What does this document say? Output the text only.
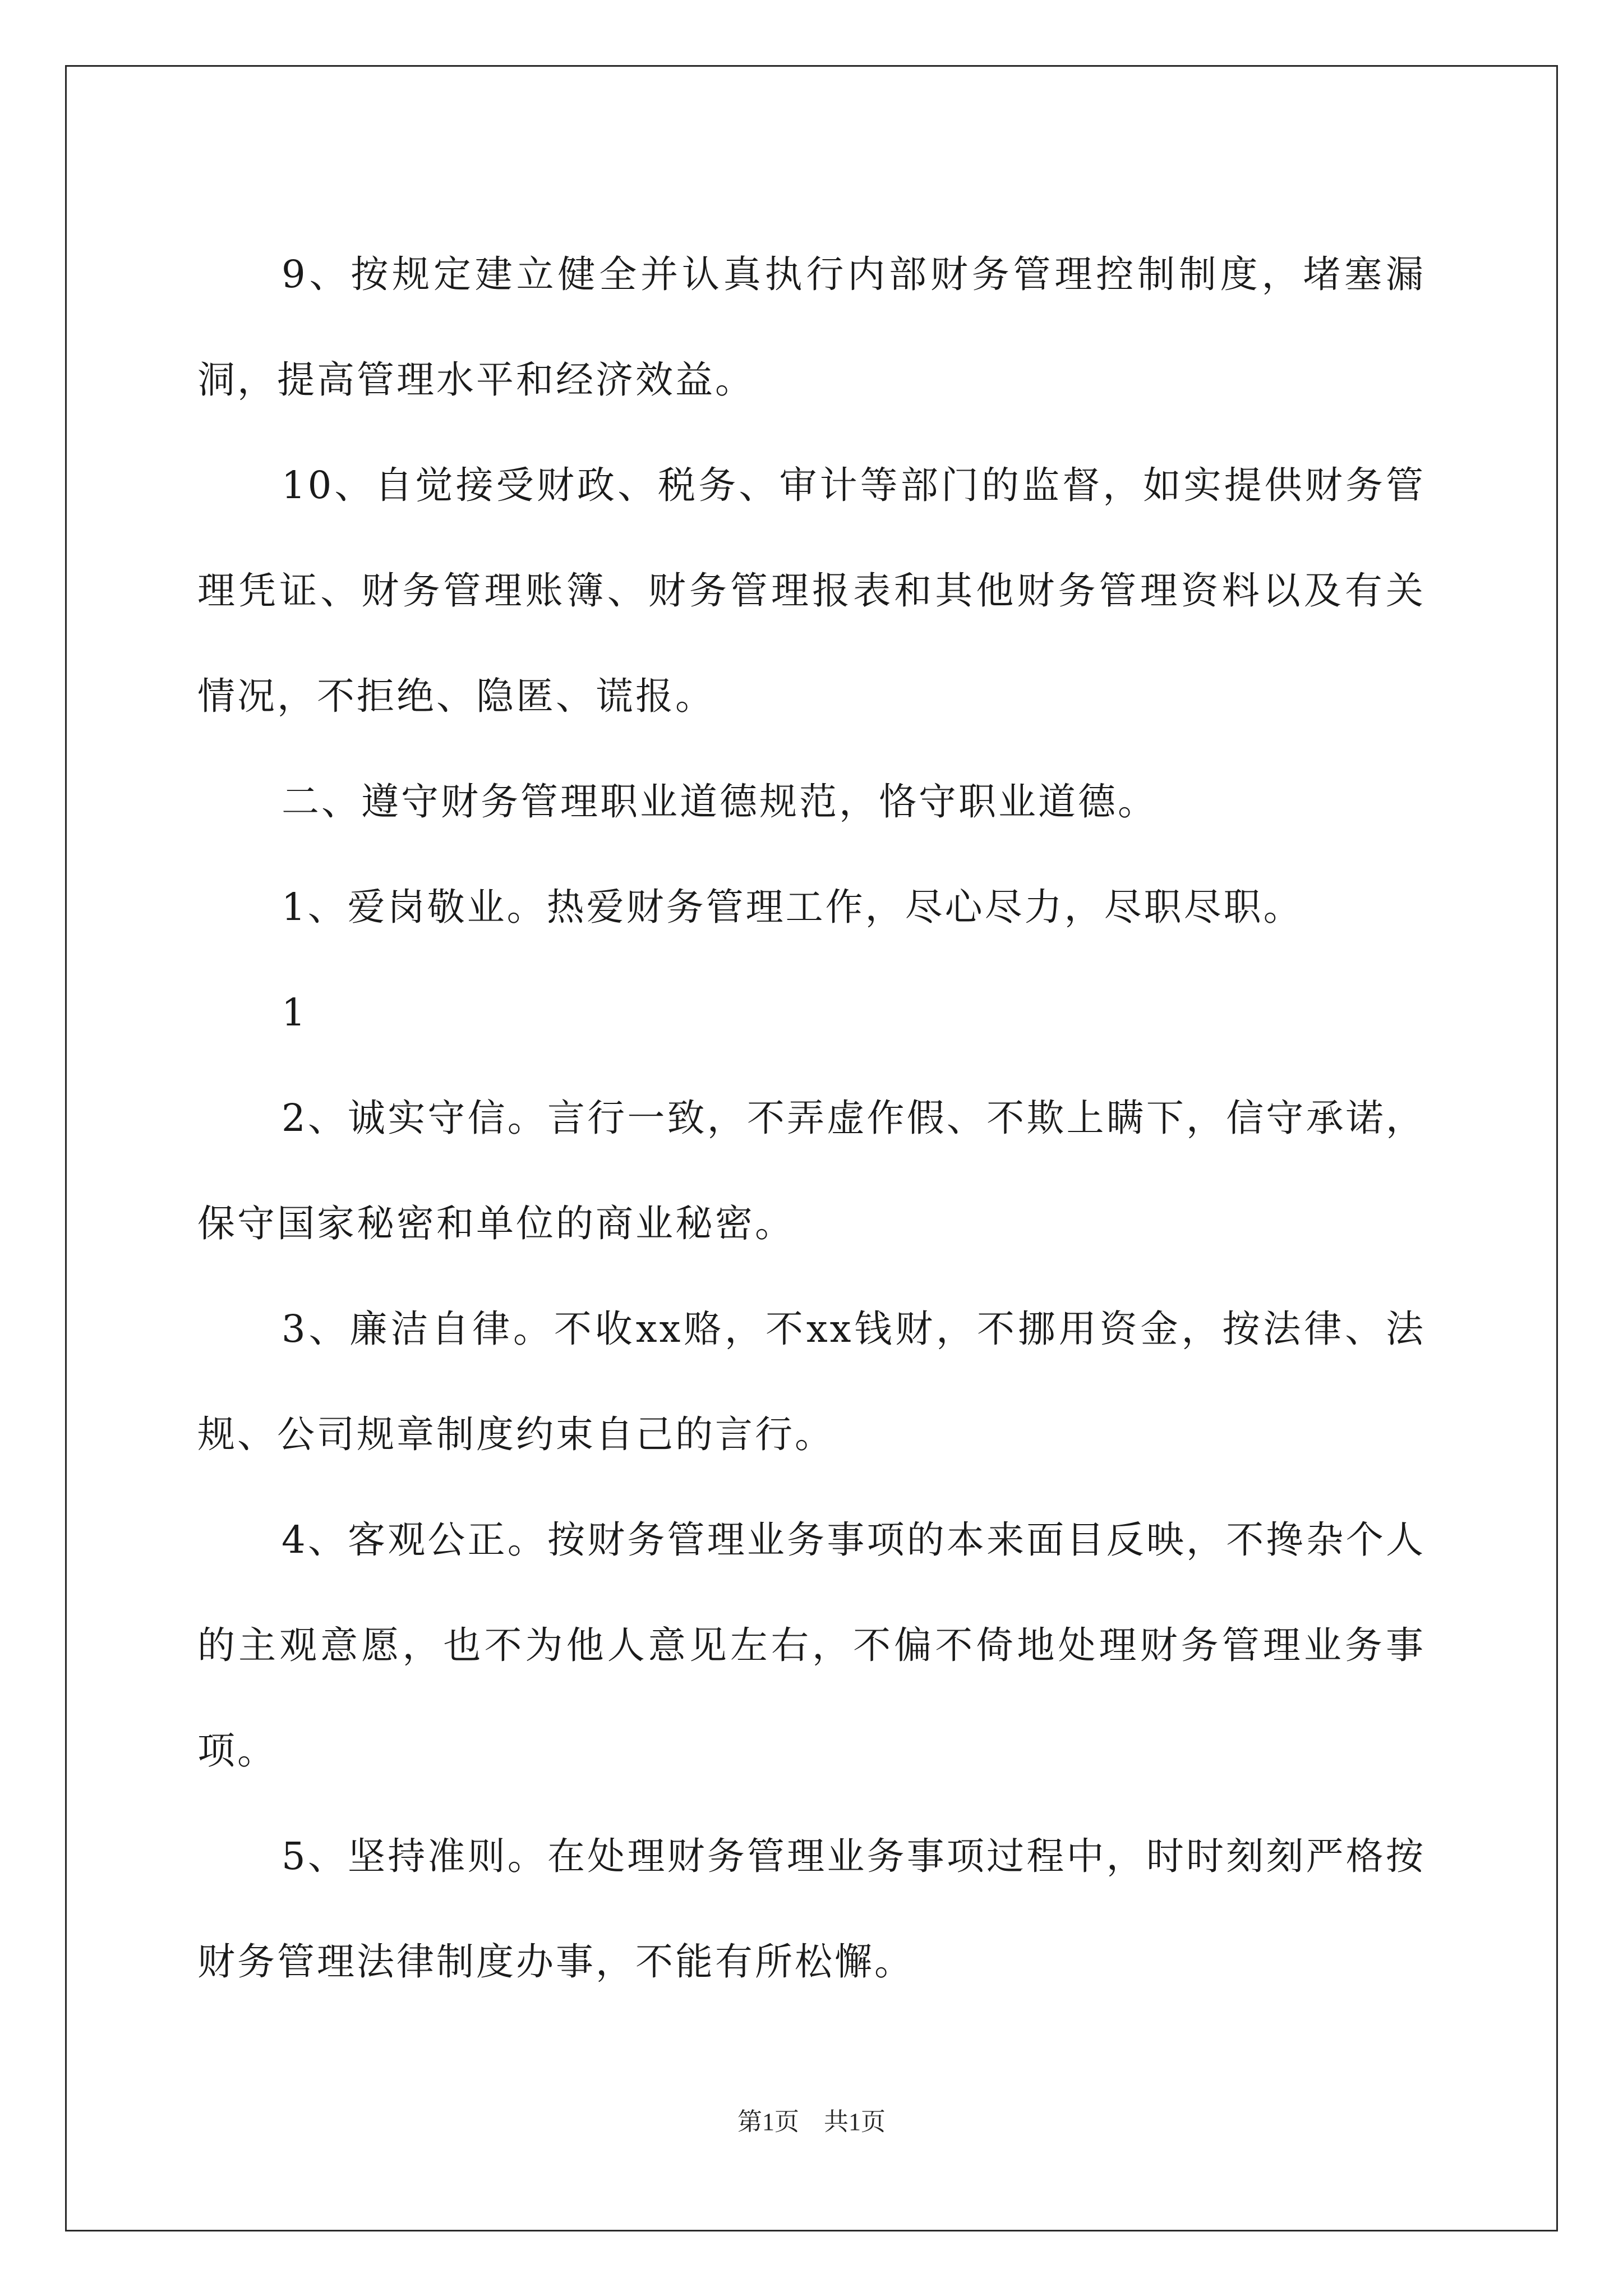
9、按规定建立健全并认真执行内部财务管理控制制度，堵塞漏洞，提高管理水平和经济效益。

10、自觉接受财政、税务、审计等部门的监督，如实提供财务管理凭证、财务管理账簿、财务管理报表和其他财务管理资料以及有关情况，不拒绝、隐匿、谎报。

二、遵守财务管理职业道德规范，恪守职业道德。

1、爱岗敬业。热爱财务管理工作，尽心尽力，尽职尽职。

1

2、诚实守信。言行一致，不弄虚作假、不欺上瞒下，信守承诺，保守国家秘密和单位的商业秘密。

3、廉洁自律。不收xx赂，不xx钱财，不挪用资金，按法律、法规、公司规章制度约束自己的言行。

4、客观公正。按财务管理业务事项的本来面目反映，不搀杂个人的主观意愿，也不为他人意见左右，不偏不倚地处理财务管理业务事项。

5、坚持准则。在处理财务管理业务事项过程中，时时刻刻严格按财务管理法律制度办事，不能有所松懈。

第1页　共1页
